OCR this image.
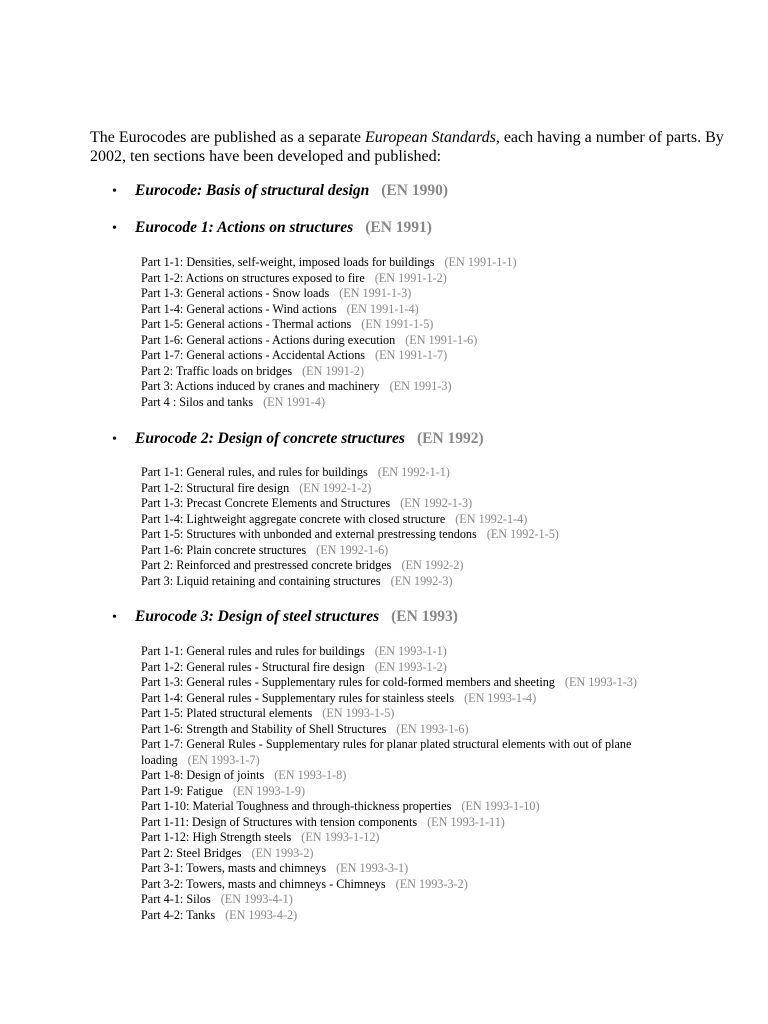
The Eurocodes are published as a separate European Standards, each having a number of parts. By 2002, ten sections have been developed and published:

• Eurocode: Basis of structural design (EN 1990)
• Eurocode 1: Actions on structures (EN 1991)
Part 1-1: Densities, self-weight, imposed loads for buildings (EN 1991-1-1)
Part 1-2: Actions on structures exposed to fire (EN 1991-1-2)
Part 1-3: General actions - Snow loads (EN 1991-1-3)
Part 1-4: General actions - Wind actions (EN 1991-1-4)
Part 1-5: General actions - Thermal actions (EN 1991-1-5)
Part 1-6: General actions - Actions during execution (EN 1991-1-6)
Part 1-7: General actions - Accidental Actions (EN 1991-1-7)
Part 2: Traffic loads on bridges (EN 1991-2)
Part 3: Actions induced by cranes and machinery (EN 1991-3)
Part 4 : Silos and tanks (EN 1991-4)
• Eurocode 2: Design of concrete structures (EN 1992)
Part 1-1: General rules, and rules for buildings (EN 1992-1-1)
Part 1-2: Structural fire design (EN 1992-1-2)
Part 1-3: Precast Concrete Elements and Structures (EN 1992-1-3)
Part 1-4: Lightweight aggregate concrete with closed structure (EN 1992-1-4)
Part 1-5: Structures with unbonded and external prestressing tendons (EN 1992-1-5)
Part 1-6: Plain concrete structures (EN 1992-1-6)
Part 2: Reinforced and prestressed concrete bridges (EN 1992-2)
Part 3: Liquid retaining and containing structures (EN 1992-3)
• Eurocode 3: Design of steel structures (EN 1993)
Part 1-1: General rules and rules for buildings (EN 1993-1-1)
Part 1-2: General rules - Structural fire design (EN 1993-1-2)
Part 1-3: General rules - Supplementary rules for cold-formed members and sheeting (EN 1993-1-3)
Part 1-4: General rules - Supplementary rules for stainless steels (EN 1993-1-4)
Part 1-5: Plated structural elements (EN 1993-1-5)
Part 1-6: Strength and Stability of Shell Structures (EN 1993-1-6)
Part 1-7: General Rules - Supplementary rules for planar plated structural elements with out of plane loading (EN 1993-1-7)
Part 1-8: Design of joints (EN 1993-1-8)
Part 1-9: Fatigue (EN 1993-1-9)
Part 1-10: Material Toughness and through-thickness properties (EN 1993-1-10)
Part 1-11: Design of Structures with tension components (EN 1993-1-11)
Part 1-12: High Strength steels (EN 1993-1-12)
Part 2: Steel Bridges (EN 1993-2)
Part 3-1: Towers, masts and chimneys (EN 1993-3-1)
Part 3-2: Towers, masts and chimneys - Chimneys (EN 1993-3-2)
Part 4-1: Silos (EN 1993-4-1)
Part 4-2: Tanks (EN 1993-4-2)
